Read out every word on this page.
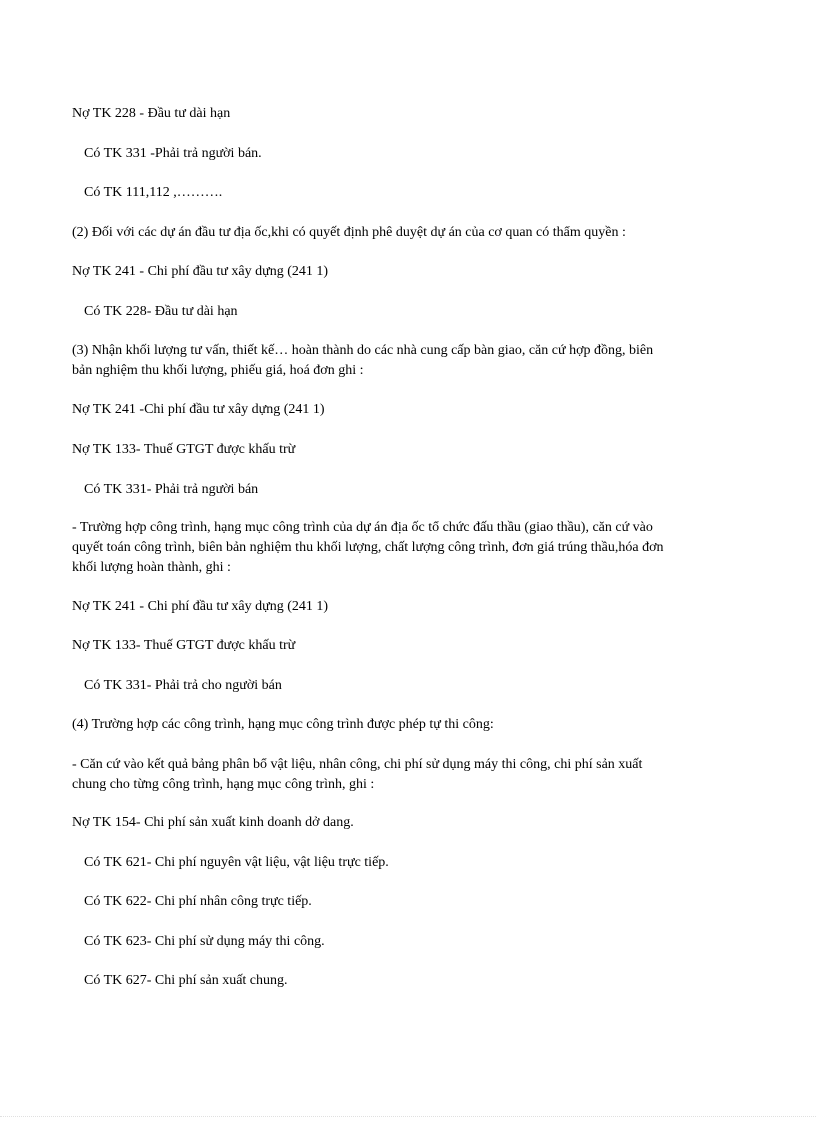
Nợ TK 228 - Đầu tư dài hạn
Có TK 331 -Phải trả người bán.
Có TK 111,112 ,……….
(2) Đối với các dự án đầu tư địa ốc,khi có quyết định phê duyệt dự án của cơ quan có thẩm quyền :
Nợ TK 241 - Chi phí đầu tư xây dựng (241 1)
Có TK 228- Đầu tư dài hạn
(3) Nhận khối lượng tư vấn, thiết kế… hoàn thành do các nhà cung cấp bàn giao, căn cứ hợp đồng, biên
bản nghiệm thu khối lượng, phiếu giá, hoá đơn ghi :
Nợ TK 241 -Chi phí đầu tư xây dựng (241 1)
Nợ TK 133- Thuế GTGT được khấu trừ
Có TK 331- Phải trả người bán
- Trường hợp công trình, hạng mục công trình của dự án địa ốc tổ chức đấu thầu (giao thầu), căn cứ vào
quyết toán công trình, biên bản nghiệm thu khối lượng, chất lượng công trình, đơn giá trúng thầu,hóa đơn
khối lượng hoàn thành, ghi :
Nợ TK 241 - Chi phí đầu tư xây dựng (241 1)
Nợ TK 133- Thuế GTGT được khấu trừ
Có TK 331- Phải trả cho người bán
(4) Trường hợp các công trình, hạng mục công trình được phép tự thi công:
- Căn cứ vào kết quả bảng phân bổ vật liệu, nhân công, chi phí sử dụng máy thi công, chi phí sản xuất
chung cho từng công trình, hạng mục công trình, ghi :
Nợ TK 154- Chi phí sản xuất kinh doanh dở dang.
Có TK 621- Chi phí nguyên vật liệu, vật liệu trực tiếp.
Có TK 622- Chi phí nhân công trực tiếp.
Có TK 623- Chi phí sử dụng máy thi công.
Có TK 627- Chi phí sản xuất chung.
